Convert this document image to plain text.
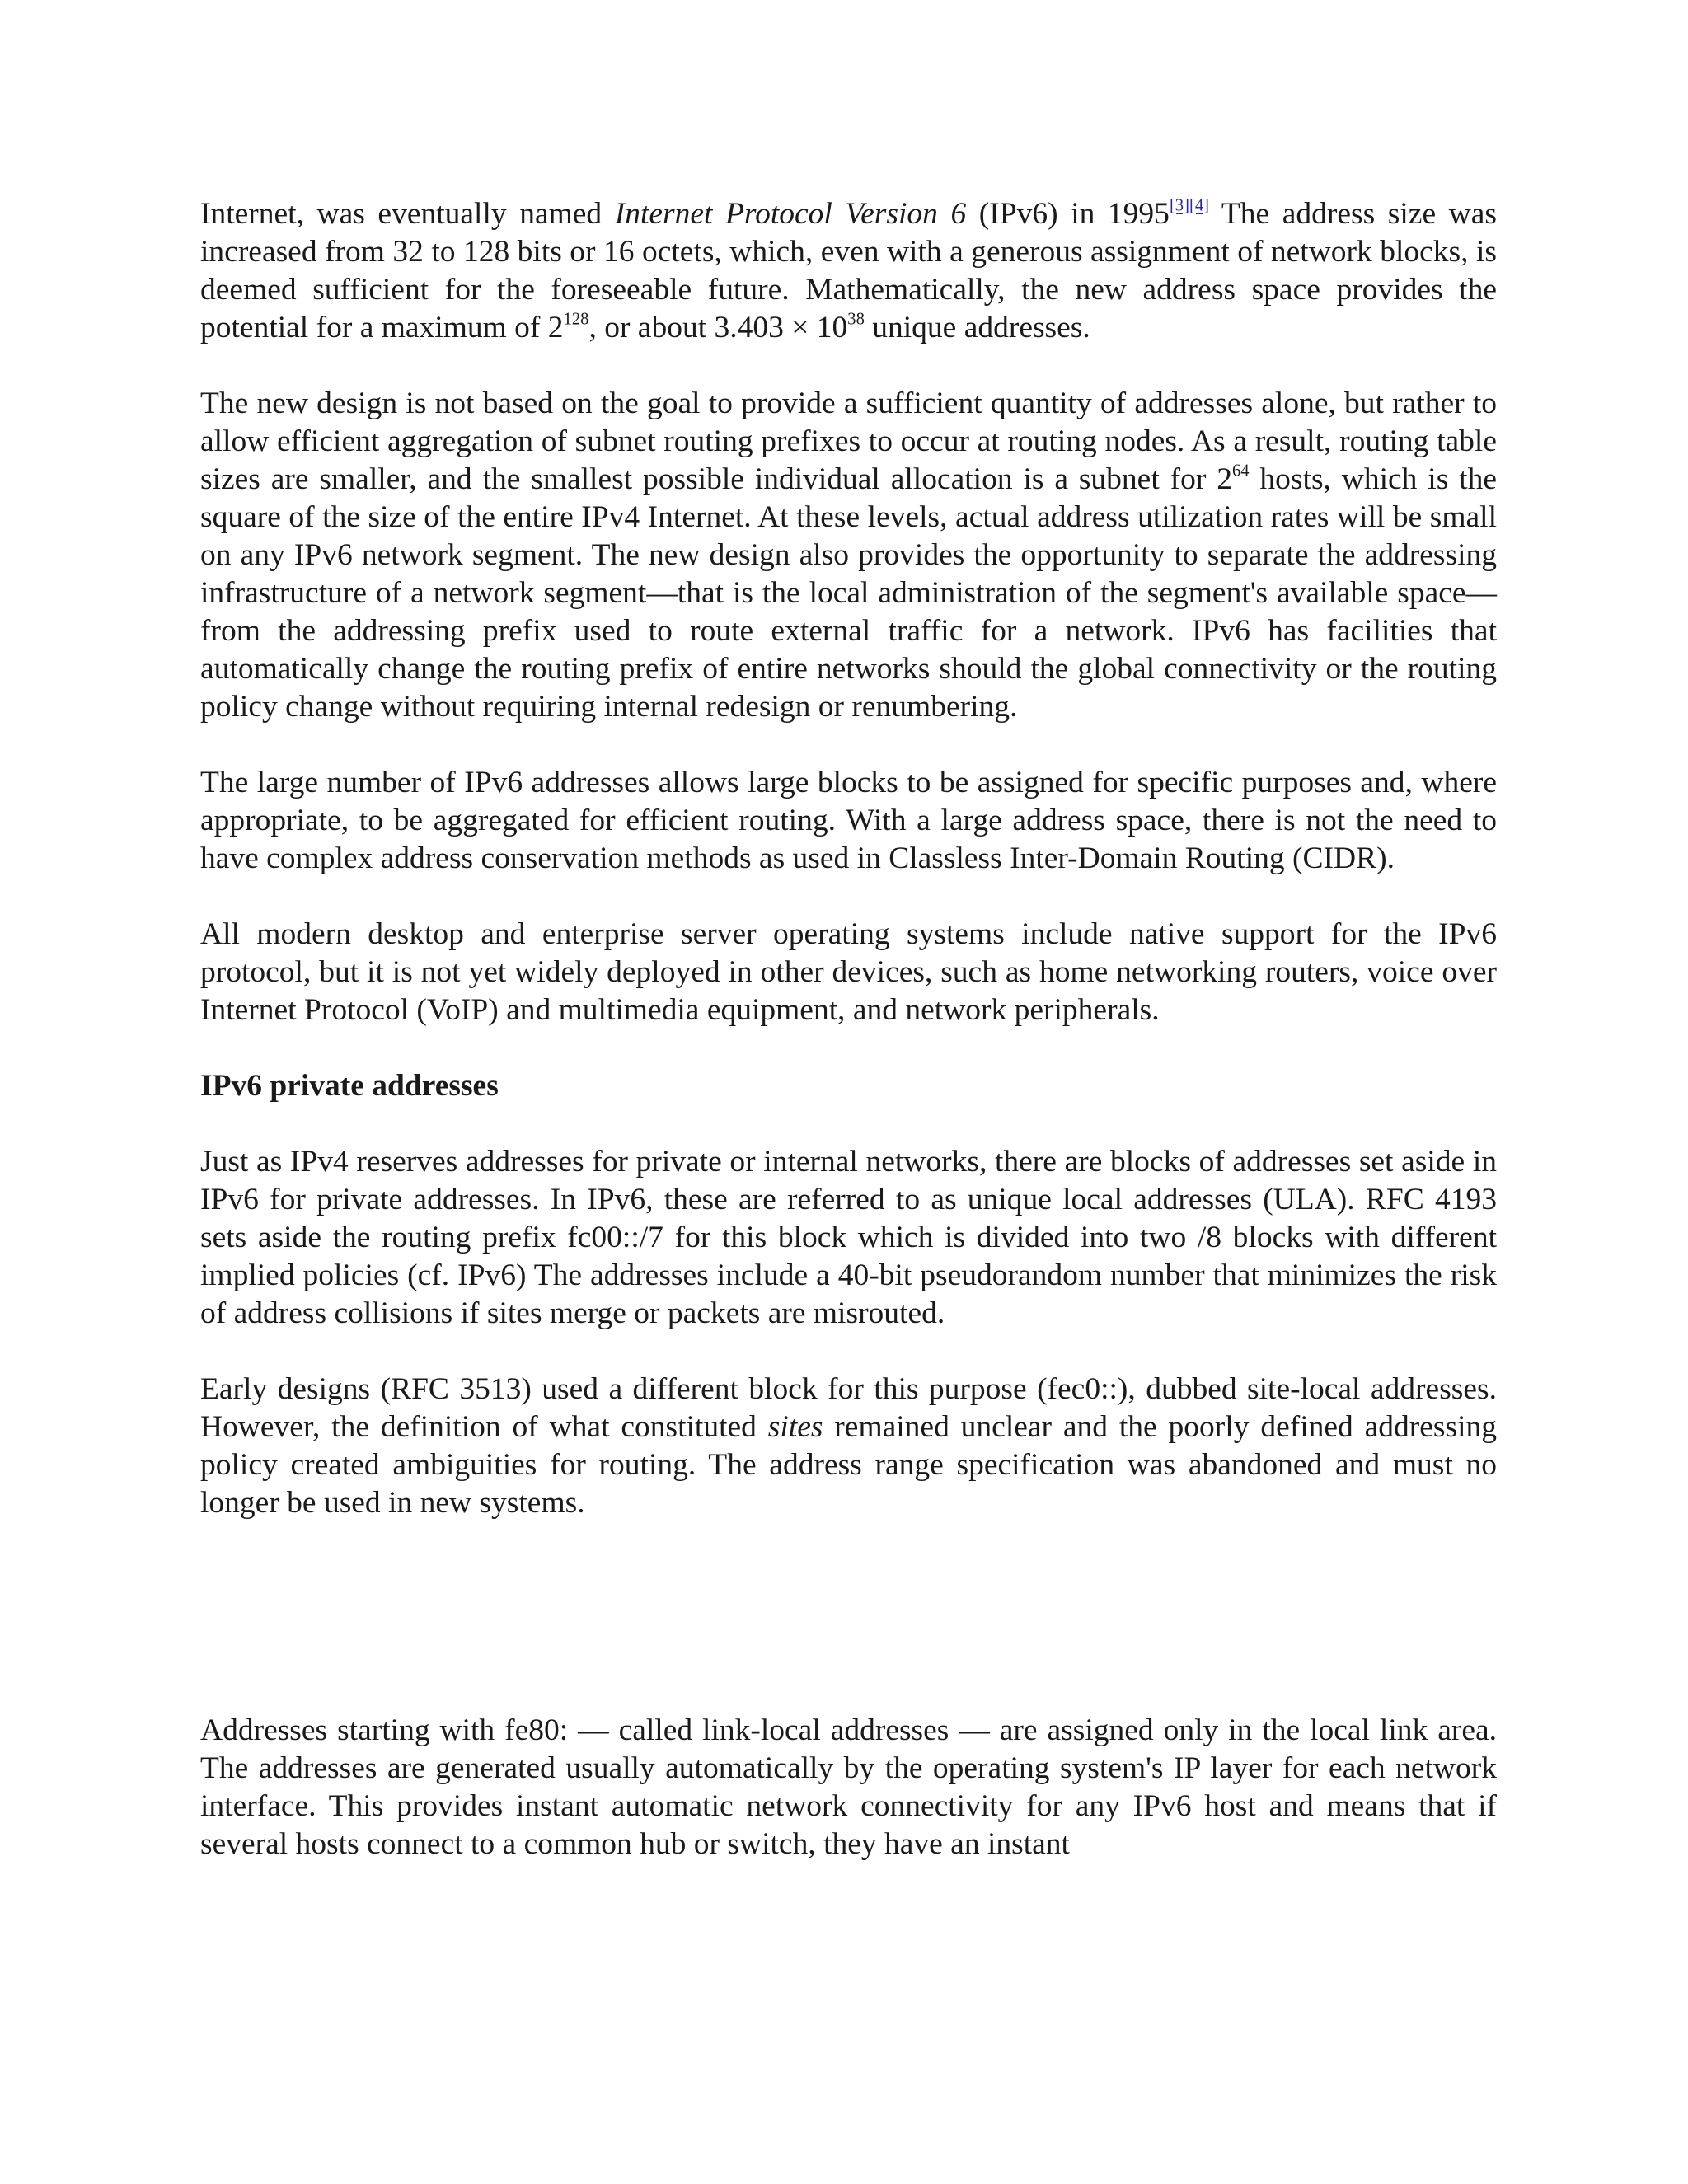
Internet, was eventually named Internet Protocol Version 6 (IPv6) in 1995[3][4] The address size was increased from 32 to 128 bits or 16 octets, which, even with a generous assignment of network blocks, is deemed sufficient for the foreseeable future. Mathematically, the new address space provides the potential for a maximum of $2^{128}$, or about $3.403 \times 10^{38}$ unique addresses.

The new design is not based on the goal to provide a sufficient quantity of addresses alone, but rather to allow efficient aggregation of subnet routing prefixes to occur at routing nodes. As a result, routing table sizes are smaller, and the smallest possible individual allocation is a subnet for $2^{64}$ hosts, which is the square of the size of the entire IPv4 Internet. At these levels, actual address utilization rates will be small on any IPv6 network segment. The new design also provides the opportunity to separate the addressing infrastructure of a network segment—that is the local administration of the segment's available space—from the addressing prefix used to route external traffic for a network. IPv6 has facilities that automatically change the routing prefix of entire networks should the global connectivity or the routing policy change without requiring internal redesign or renumbering.

The large number of IPv6 addresses allows large blocks to be assigned for specific purposes and, where appropriate, to be aggregated for efficient routing. With a large address space, there is not the need to have complex address conservation methods as used in Classless Inter-Domain Routing (CIDR).

All modern desktop and enterprise server operating systems include native support for the IPv6 protocol, but it is not yet widely deployed in other devices, such as home networking routers, voice over Internet Protocol (VoIP) and multimedia equipment, and network peripherals.

IPv6 private addresses

Just as IPv4 reserves addresses for private or internal networks, there are blocks of addresses set aside in IPv6 for private addresses. In IPv6, these are referred to as unique local addresses (ULA). RFC 4193 sets aside the routing prefix fc00::/7 for this block which is divided into two /8 blocks with different implied policies (cf. IPv6) The addresses include a 40-bit pseudorandom number that minimizes the risk of address collisions if sites merge or packets are misrouted.

Early designs (RFC 3513) used a different block for this purpose (fec0::), dubbed site-local addresses. However, the definition of what constituted sites remained unclear and the poorly defined addressing policy created ambiguities for routing. The address range specification was abandoned and must no longer be used in new systems.

Addresses starting with fe80: — called link-local addresses — are assigned only in the local link area. The addresses are generated usually automatically by the operating system's IP layer for each network interface. This provides instant automatic network connectivity for any IPv6 host and means that if several hosts connect to a common hub or switch, they have an instant
